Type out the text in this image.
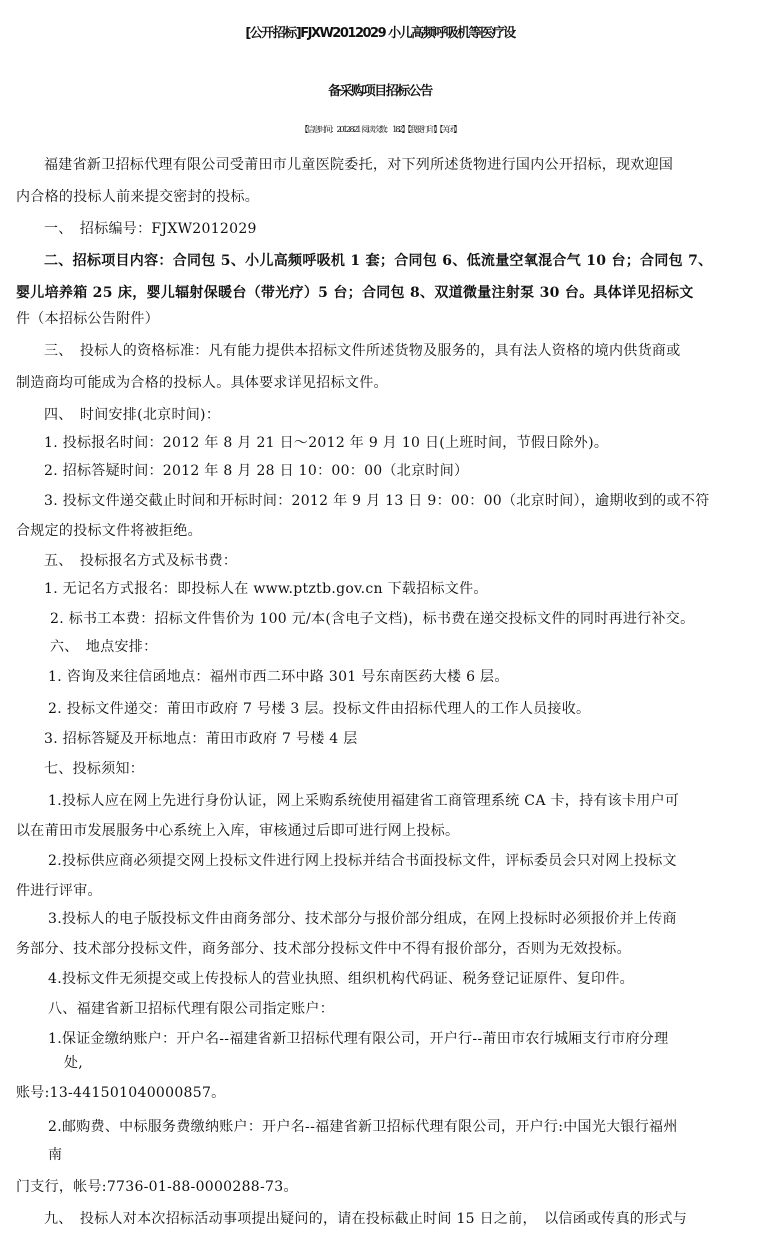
[公开招标]FJXW2012029 小儿高频呼吸机等医疗设
备采购项目招标公告
【信息时间：2012-8-21 阅读次数：  182】【我要打印】【关闭】
福建省新卫招标代理有限公司受莆田市儿童医院委托，对下列所述货物进行国内公开招标，现欢迎国
内合格的投标人前来提交密封的投标。
一、　招标编号：FJXW2012029
二、招标项目内容：合同包 5、小儿高频呼吸机 1 套；合同包 6、低流量空氧混合气 10 台；合同包 7、
婴儿培养箱 25 床，婴儿辐射保暖台（带光疗）5 台；合同包 8、双道微量注射泵 30 台。具体详见招标文
件（本招标公告附件）
三、　投标人的资格标准：凡有能力提供本招标文件所述货物及服务的，具有法人资格的境内供货商或
制造商均可能成为合格的投标人。具体要求详见招标文件。
四、　时间安排(北京时间)：
1. 投标报名时间：2012 年 8 月 21 日～2012 年 9 月 10 日(上班时间，节假日除外)。
2. 招标答疑时间：2012 年 8 月 28 日 10：00：00（北京时间）
3. 投标文件递交截止时间和开标时间：2012 年 9 月 13 日 9：00：00（北京时间），逾期收到的或不符
合规定的投标文件将被拒绝。
五、　投标报名方式及标书费：
1. 无记名方式报名：即投标人在 www.ptztb.gov.cn 下载招标文件。
2. 标书工本费：招标文件售价为 100 元/本(含电子文档)，标书费在递交投标文件的同时再进行补交。
六、　地点安排：
1. 咨询及来往信函地点：福州市西二环中路 301 号东南医药大楼 6 层。
2. 投标文件递交：莆田市政府 7 号楼 3 层。投标文件由招标代理人的工作人员接收。
3. 招标答疑及开标地点：莆田市政府 7 号楼 4 层
七、投标须知：
1.投标人应在网上先进行身份认证，网上采购系统使用福建省工商管理系统 CA 卡，持有该卡用户可
以在莆田市发展服务中心系统上入库，审核通过后即可进行网上投标。
2.投标供应商必须提交网上投标文件进行网上投标并结合书面投标文件，评标委员会只对网上投标文
件进行评审。
3.投标人的电子版投标文件由商务部分、技术部分与报价部分组成，在网上投标时必须报价并上传商
务部分、技术部分投标文件，商务部分、技术部分投标文件中不得有报价部分，否则为无效投标。
4.投标文件无须提交或上传投标人的营业执照、组织机构代码证、税务登记证原件、复印件。
八、福建省新卫招标代理有限公司指定账户：
1.保证金缴纳账户：开户名--福建省新卫招标代理有限公司，开户行--莆田市农行城厢支行市府分理
处,
账号:13-441501040000857。
2.邮购费、中标服务费缴纳账户：开户名--福建省新卫招标代理有限公司，开户行:中国光大银行福州
南
门支行，帐号:7736-01-88-0000288-73。
九、　投标人对本次招标活动事项提出疑问的，请在投标截止时间 15 日之前，　以信函或传真的形式与
